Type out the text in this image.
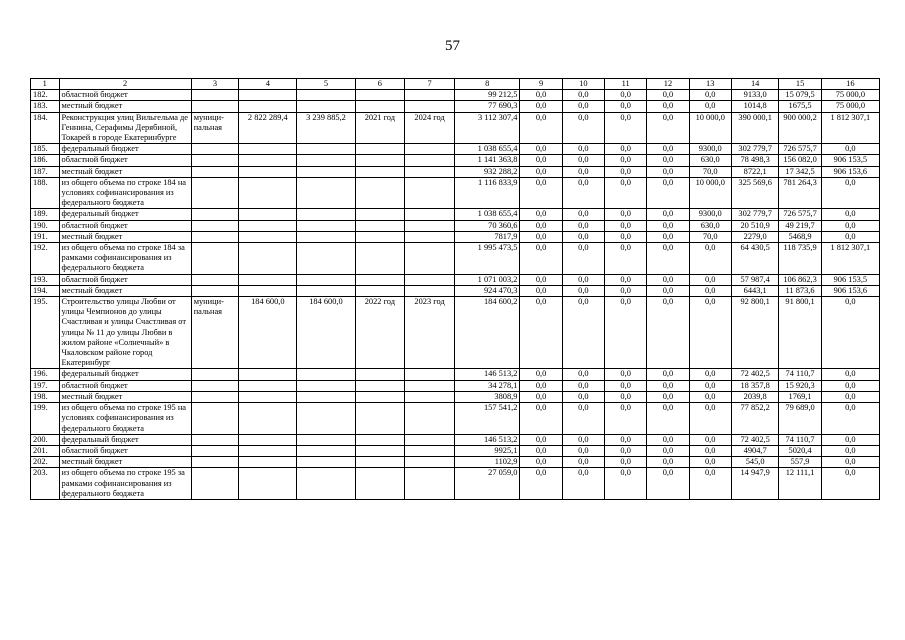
57
1	2	3	4	5	6	7	8	9	10	11	12	13	14	15	16
182.	областной бюджет						99 212,5	0,0	0,0	0,0	0,0	0,0	9133,0	15 079,5	75 000,0
183.	местный бюджет						77 690,3	0,0	0,0	0,0	0,0	0,0	1014,8	1675,5	75 000,0
184.	Реконструкция улиц Вильгельма де Геннина, Серафимы Дерябиной, Токарей в городе Екатеринбурге	муници-пальная	2 822 289,4	3 239 885,2	2021 год	2024 год	3 112 307,4	0,0	0,0	0,0	0,0	10 000,0	390 000,1	900 000,2	1 812 307,1
185.	федеральный бюджет						1 038 655,4	0,0	0,0	0,0	0,0	9300,0	302 779,7	726 575,7	0,0
186.	областной бюджет						1 141 363,8	0,0	0,0	0,0	0,0	630,0	78 498,3	156 082,0	906 153,5
187.	местный бюджет						932 288,2	0,0	0,0	0,0	0,0	70,0	8722,1	17 342,5	906 153,6
188.	из общего объема по строке 184 на условиях софинансирования из федерального бюджета						1 116 833,9	0,0	0,0	0,0	0,0	10 000,0	325 569,6	781 264,3	0,0
189.	федеральный бюджет						1 038 655,4	0,0	0,0	0,0	0,0	9300,0	302 779,7	726 575,7	0,0
190.	областной бюджет						70 360,6	0,0	0,0	0,0	0,0	630,0	20 510,9	49 219,7	0,0
191.	местный бюджет						7817,9	0,0	0,0	0,0	0,0	70,0	2279,0	5468,9	0,0
192.	из общего объема по строке 184 за рамками софинансирования из федерального бюджета						1 995 473,5	0,0	0,0	0,0	0,0	0,0	64 430,5	118 735,9	1 812 307,1
193.	областной бюджет						1 071 003,2	0,0	0,0	0,0	0,0	0,0	57 987,4	106 862,3	906 153,5
194.	местный бюджет						924 470,3	0,0	0,0	0,0	0,0	0,0	6443,1	11 873,6	906 153,6
195.	Строительство улицы Любви от улицы Чемпионов до улицы Счастливая и улицы Счастливая от улицы № 11 до улицы Любви в жилом районе «Солнечный» в Чкаловском районе город Екатеринбург	муници-пальная	184 600,0	184 600,0	2022 год	2023 год	184 600,2	0,0	0,0	0,0	0,0	0,0	92 800,1	91 800,1	0,0
196.	федеральный бюджет						146 513,2	0,0	0,0	0,0	0,0	0,0	72 402,5	74 110,7	0,0
197.	областной бюджет						34 278,1	0,0	0,0	0,0	0,0	0,0	18 357,8	15 920,3	0,0
198.	местный бюджет						3808,9	0,0	0,0	0,0	0,0	0,0	2039,8	1769,1	0,0
199.	из общего объема по строке 195 на условиях софинансирования из федерального бюджета						157 541,2	0,0	0,0	0,0	0,0	0,0	77 852,2	79 689,0	0,0
200.	федеральный бюджет						146 513,2	0,0	0,0	0,0	0,0	0,0	72 402,5	74 110,7	0,0
201.	областной бюджет						9925,1	0,0	0,0	0,0	0,0	0,0	4904,7	5020,4	0,0
202.	местный бюджет						1102,9	0,0	0,0	0,0	0,0	0,0	545,0	557,9	0,0
203.	из общего объема по строке 195 за рамками софинансирования из федерального бюджета						27 059,0	0,0	0,0	0,0	0,0	0,0	14 947,9	12 111,1	0,0
